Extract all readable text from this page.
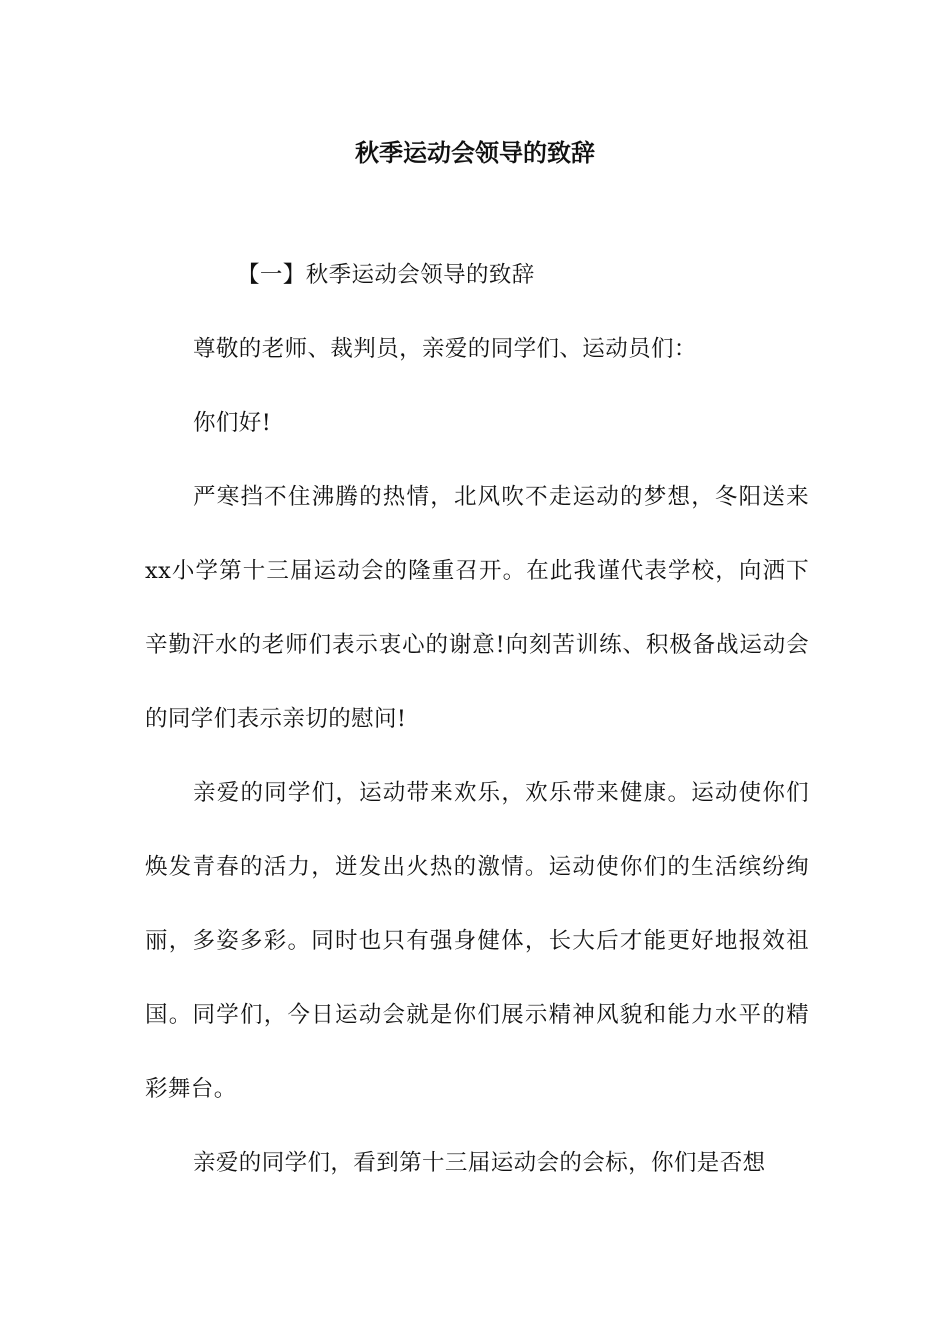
秋季运动会领导的致辞
【一】秋季运动会领导的致辞

尊敬的老师、裁判员，亲爱的同学们、运动员们：

你们好!

严寒挡不住沸腾的热情，北风吹不走运动的梦想，冬阳送来xx小学第十三届运动会的隆重召开。在此我谨代表学校，向洒下辛勤汗水的老师们表示衷心的谢意!向刻苦训练、积极备战运动会的同学们表示亲切的慰问!

亲爱的同学们，运动带来欢乐，欢乐带来健康。运动使你们焕发青春的活力，迸发出火热的激情。运动使你们的生活缤纷绚丽，多姿多彩。同时也只有强身健体，长大后才能更好地报效祖国。同学们，今日运动会就是你们展示精神风貌和能力水平的精彩舞台。

亲爱的同学们，看到第十三届运动会的会标，你们是否想
